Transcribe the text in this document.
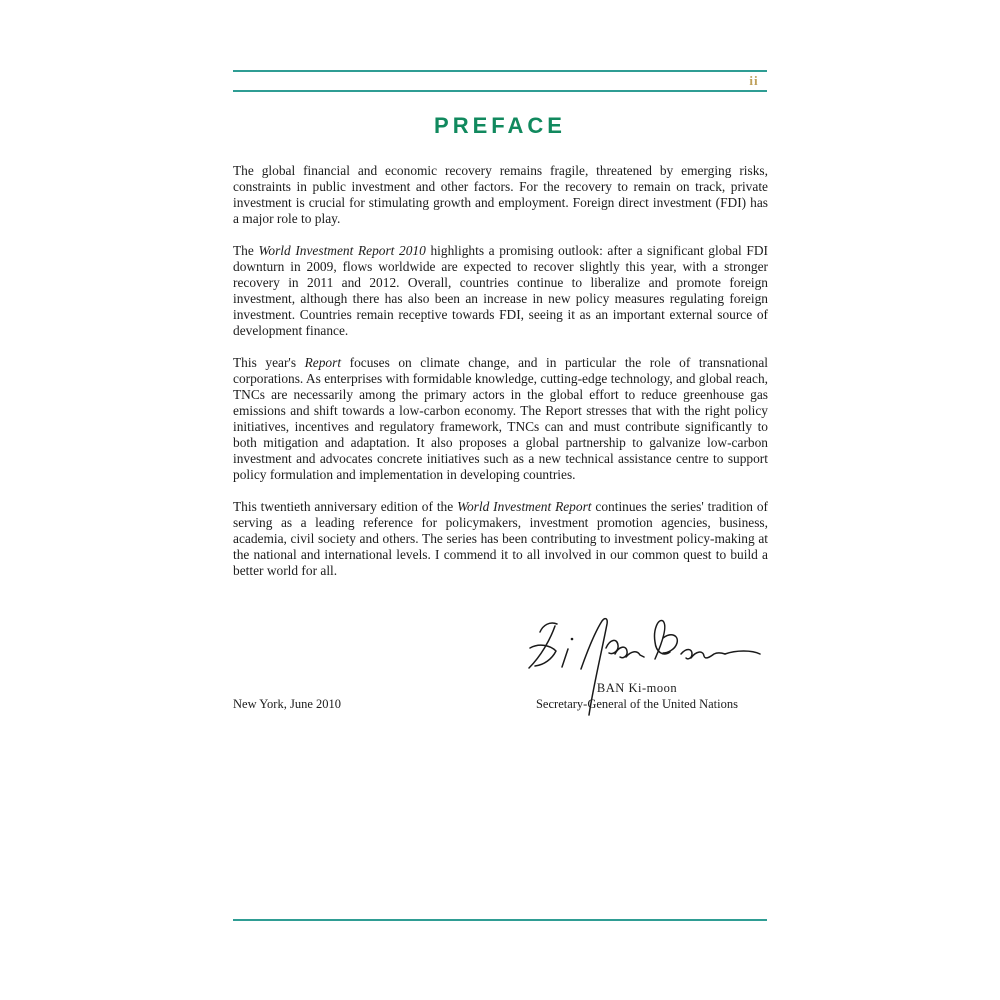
ii
PREFACE

The global financial and economic recovery remains fragile, threatened by emerging risks, constraints in public investment and other factors. For the recovery to remain on track, private investment is crucial for stimulating growth and employment. Foreign direct investment (FDI) has a major role to play.

The World Investment Report 2010 highlights a promising outlook: after a significant global FDI downturn in 2009, flows worldwide are expected to recover slightly this year, with a stronger recovery in 2011 and 2012. Overall, countries continue to liberalize and promote foreign investment, although there has also been an increase in new policy measures regulating foreign investment. Countries remain receptive towards FDI, seeing it as an important external source of development finance.

This year's Report focuses on climate change, and in particular the role of transnational corporations. As enterprises with formidable knowledge, cutting-edge technology, and global reach, TNCs are necessarily among the primary actors in the global effort to reduce greenhouse gas emissions and shift towards a low-carbon economy. The Report stresses that with the right policy initiatives, incentives and regulatory framework, TNCs can and must contribute significantly to both mitigation and adaptation. It also proposes a global partnership to galvanize low-carbon investment and advocates concrete initiatives such as a new technical assistance centre to support policy formulation and implementation in developing countries.

This twentieth anniversary edition of the World Investment Report continues the series' tradition of serving as a leading reference for policymakers, investment promotion agencies, business, academia, civil society and others. The series has been contributing to investment policy-making at the national and international levels. I commend it to all involved in our common quest to build a better world for all.

BAN Ki-moon
Secretary-General of the United Nations
New York, June 2010
